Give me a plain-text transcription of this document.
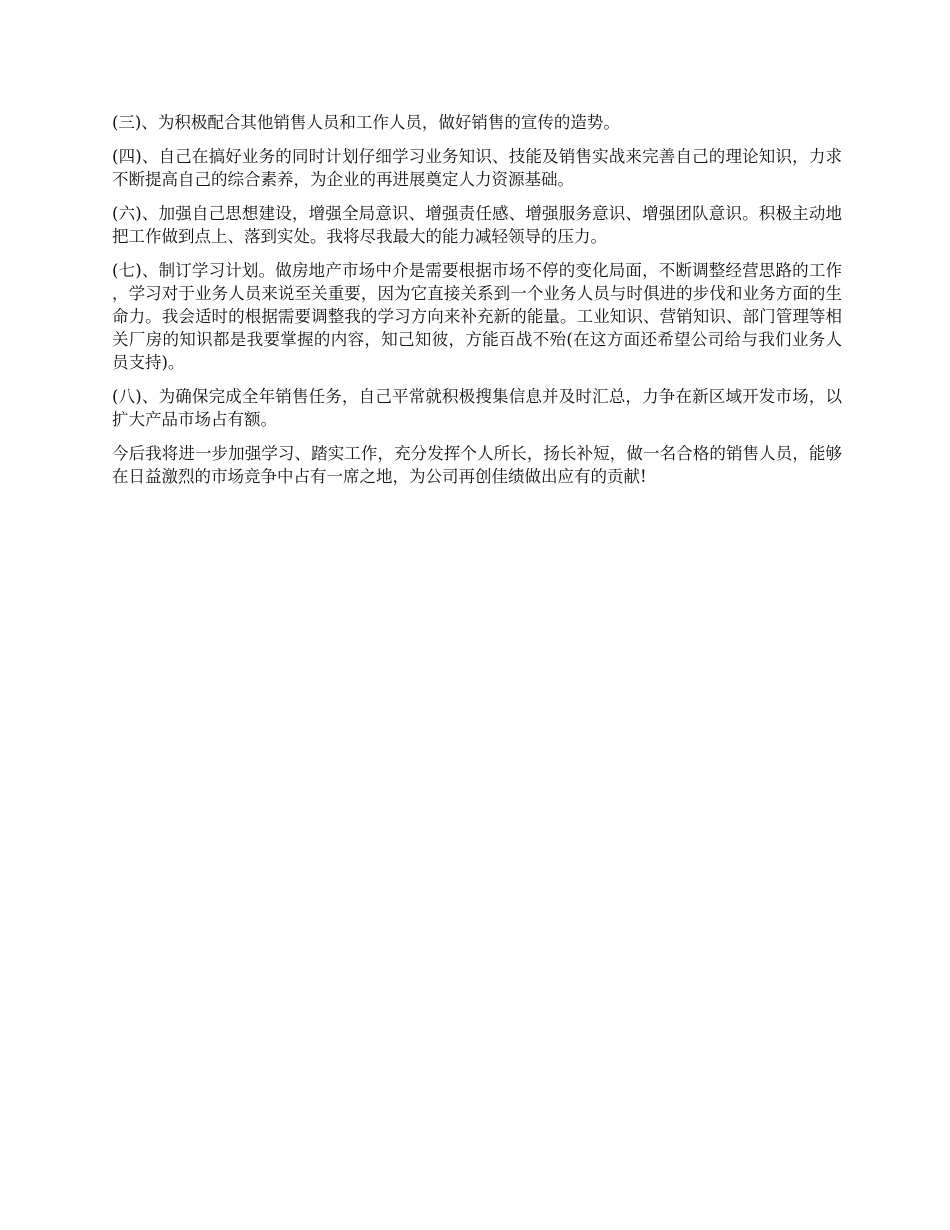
(三)、为积极配合其他销售人员和工作人员，做好销售的宣传的造势。

(四)、自己在搞好业务的同时计划仔细学习业务知识、技能及销售实战来完善自己的理论知识，力求不断提高自己的综合素养，为企业的再进展奠定人力资源基础。

(六)、加强自己思想建设，增强全局意识、增强责任感、增强服务意识、增强团队意识。积极主动地把工作做到点上、落到实处。我将尽我最大的能力减轻领导的压力。

(七)、制订学习计划。做房地产市场中介是需要根据市场不停的变化局面，不断调整经营思路的工作，学习对于业务人员来说至关重要，因为它直接关系到一个业务人员与时俱进的步伐和业务方面的生命力。我会适时的根据需要调整我的学习方向来补充新的能量。工业知识、营销知识、部门管理等相关厂房的知识都是我要掌握的内容，知己知彼，方能百战不殆(在这方面还希望公司给与我们业务人员支持)。

(八)、为确保完成全年销售任务，自己平常就积极搜集信息并及时汇总，力争在新区域开发市场，以扩大产品市场占有额。

今后我将进一步加强学习、踏实工作，充分发挥个人所长，扬长补短，做一名合格的销售人员，能够在日益激烈的市场竞争中占有一席之地，为公司再创佳绩做出应有的贡献!
